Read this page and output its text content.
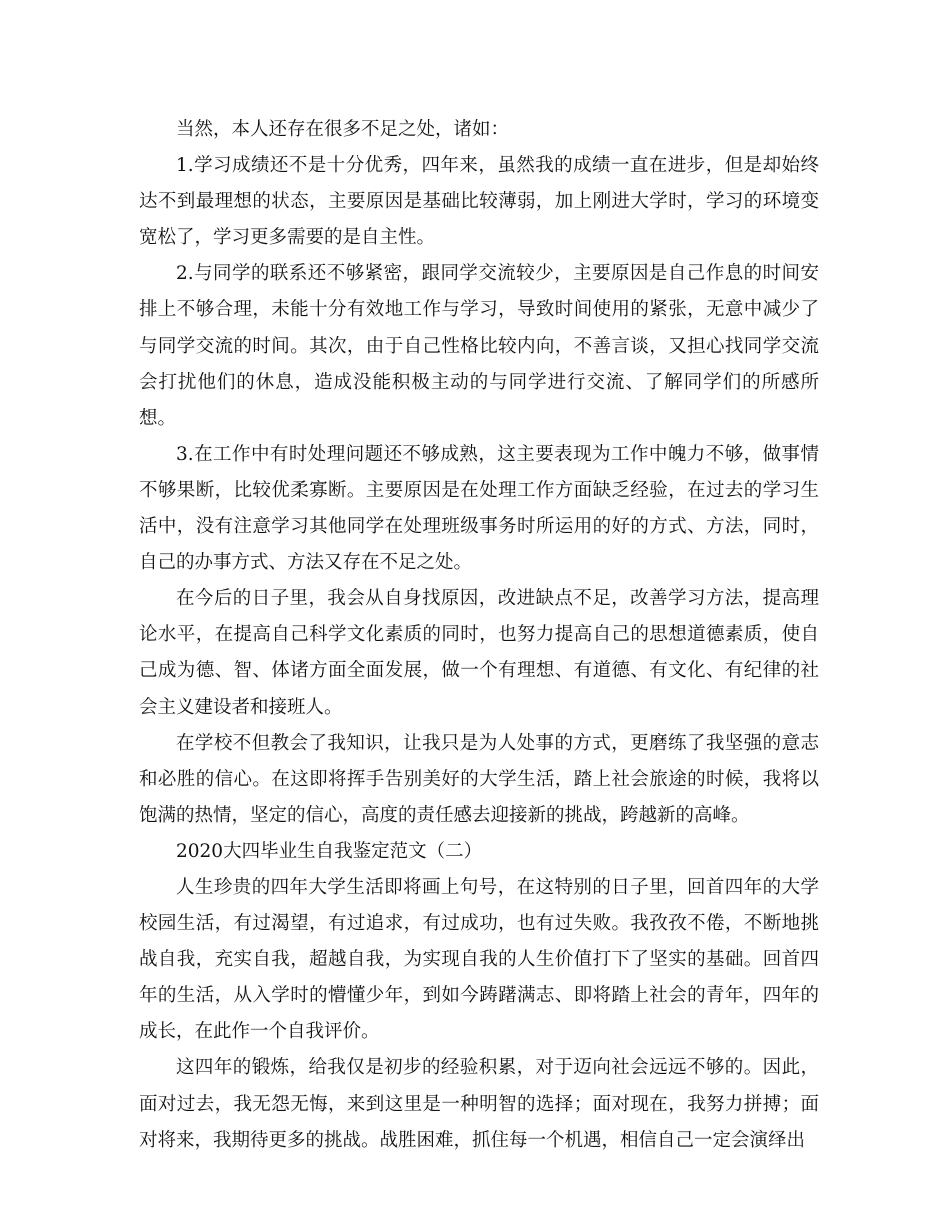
当然，本人还存在很多不足之处，诸如：

1.学习成绩还不是十分优秀，四年来，虽然我的成绩一直在进步，但是却始终达不到最理想的状态，主要原因是基础比较薄弱，加上刚进大学时，学习的环境变宽松了，学习更多需要的是自主性。

2.与同学的联系还不够紧密，跟同学交流较少，主要原因是自己作息的时间安排上不够合理，未能十分有效地工作与学习，导致时间使用的紧张，无意中减少了与同学交流的时间。其次，由于自己性格比较内向，不善言谈，又担心找同学交流会打扰他们的休息，造成没能积极主动的与同学进行交流、了解同学们的所感所想。

3.在工作中有时处理问题还不够成熟，这主要表现为工作中魄力不够，做事情不够果断，比较优柔寡断。主要原因是在处理工作方面缺乏经验，在过去的学习生活中，没有注意学习其他同学在处理班级事务时所运用的好的方式、方法，同时，自己的办事方式、方法又存在不足之处。

在今后的日子里，我会从自身找原因，改进缺点不足，改善学习方法，提高理论水平，在提高自己科学文化素质的同时，也努力提高自己的思想道德素质，使自己成为德、智、体诸方面全面发展，做一个有理想、有道德、有文化、有纪律的社会主义建设者和接班人。

在学校不但教会了我知识，让我只是为人处事的方式，更磨练了我坚强的意志和必胜的信心。在这即将挥手告别美好的大学生活，踏上社会旅途的时候，我将以饱满的热情，坚定的信心，高度的责任感去迎接新的挑战，跨越新的高峰。

2020大四毕业生自我鉴定范文（二）

人生珍贵的四年大学生活即将画上句号，在这特别的日子里，回首四年的大学校园生活，有过渴望，有过追求，有过成功，也有过失败。我孜孜不倦，不断地挑战自我，充实自我，超越自我，为实现自我的人生价值打下了坚实的基础。回首四年的生活，从入学时的懵懂少年，到如今踌躇满志、即将踏上社会的青年，四年的成长，在此作一个自我评价。

这四年的锻炼，给我仅是初步的经验积累，对于迈向社会远远不够的。因此，面对过去，我无怨无悔，来到这里是一种明智的选择；面对现在，我努力拼搏；面对将来，我期待更多的挑战。战胜困难，抓住每一个机遇，相信自己一定会演绎出
